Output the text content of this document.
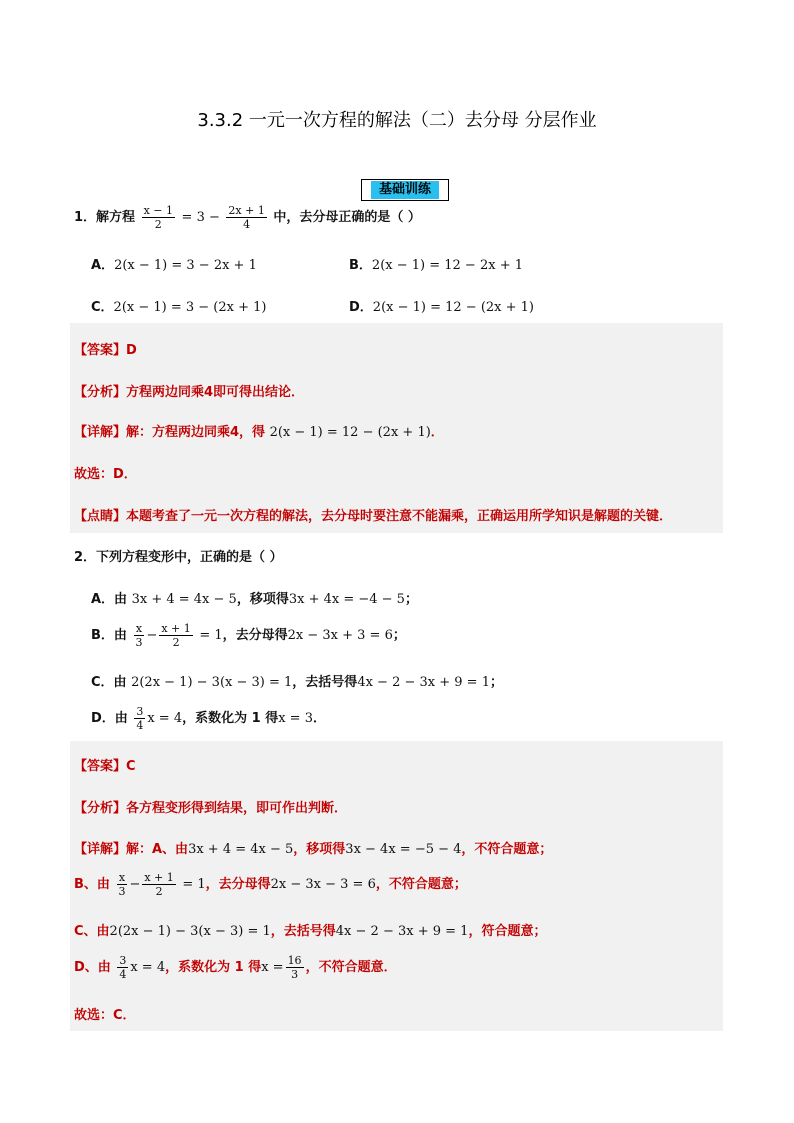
3.3.2 一元一次方程的解法（二）去分母 分层作业
基础训练
1．解方程 $\frac{x - 1}{2} = 3 - \frac{2x + 1}{4}$ 中，去分母正确的是（ ）
A．2(x − 1) = 3 − 2x + 1	B．2(x − 1) = 12 − 2x + 1
C．2(x − 1) = 3 − (2x + 1)	D．2(x − 1) = 12 − (2x + 1)
【答案】D
【分析】方程两边同乘4即可得出结论．
【详解】解：方程两边同乘4，得 2(x − 1) = 12 − (2x + 1)．
故选：D．
【点睛】本题考查了一元一次方程的解法，去分母时要注意不能漏乘，正确运用所学知识是解题的关键．
2．下列方程变形中，正确的是（ ）
A．由 3x + 4 = 4x − 5，移项得3x + 4x = −4 − 5；
B．由 $\frac{x}{3} - \frac{x + 1}{2} = 1$，去分母得2x − 3x + 3 = 6；
C．由 2(2x − 1) − 3(x − 3) = 1，去括号得4x − 2 − 3x + 9 = 1；
D．由 $\frac{3}{4}$ x = 4，系数化为 1 得x = 3．
【答案】C
【分析】各方程变形得到结果，即可作出判断．
【详解】解：A、由3x + 4 = 4x − 5，移项得3x − 4x = −5 − 4，不符合题意；
B、由 $\frac{x}{3} - \frac{x + 1}{2} = 1$，去分母得2x − 3x − 3 = 6，不符合题意；
C、由2(2x − 1) − 3(x − 3) = 1，去括号得4x − 2 − 3x + 9 = 1，符合题意；
D、由 $\frac{3}{4}$ x = 4，系数化为 1 得$x = \frac{16}{3}$ ，不符合题意．
故选：C．
